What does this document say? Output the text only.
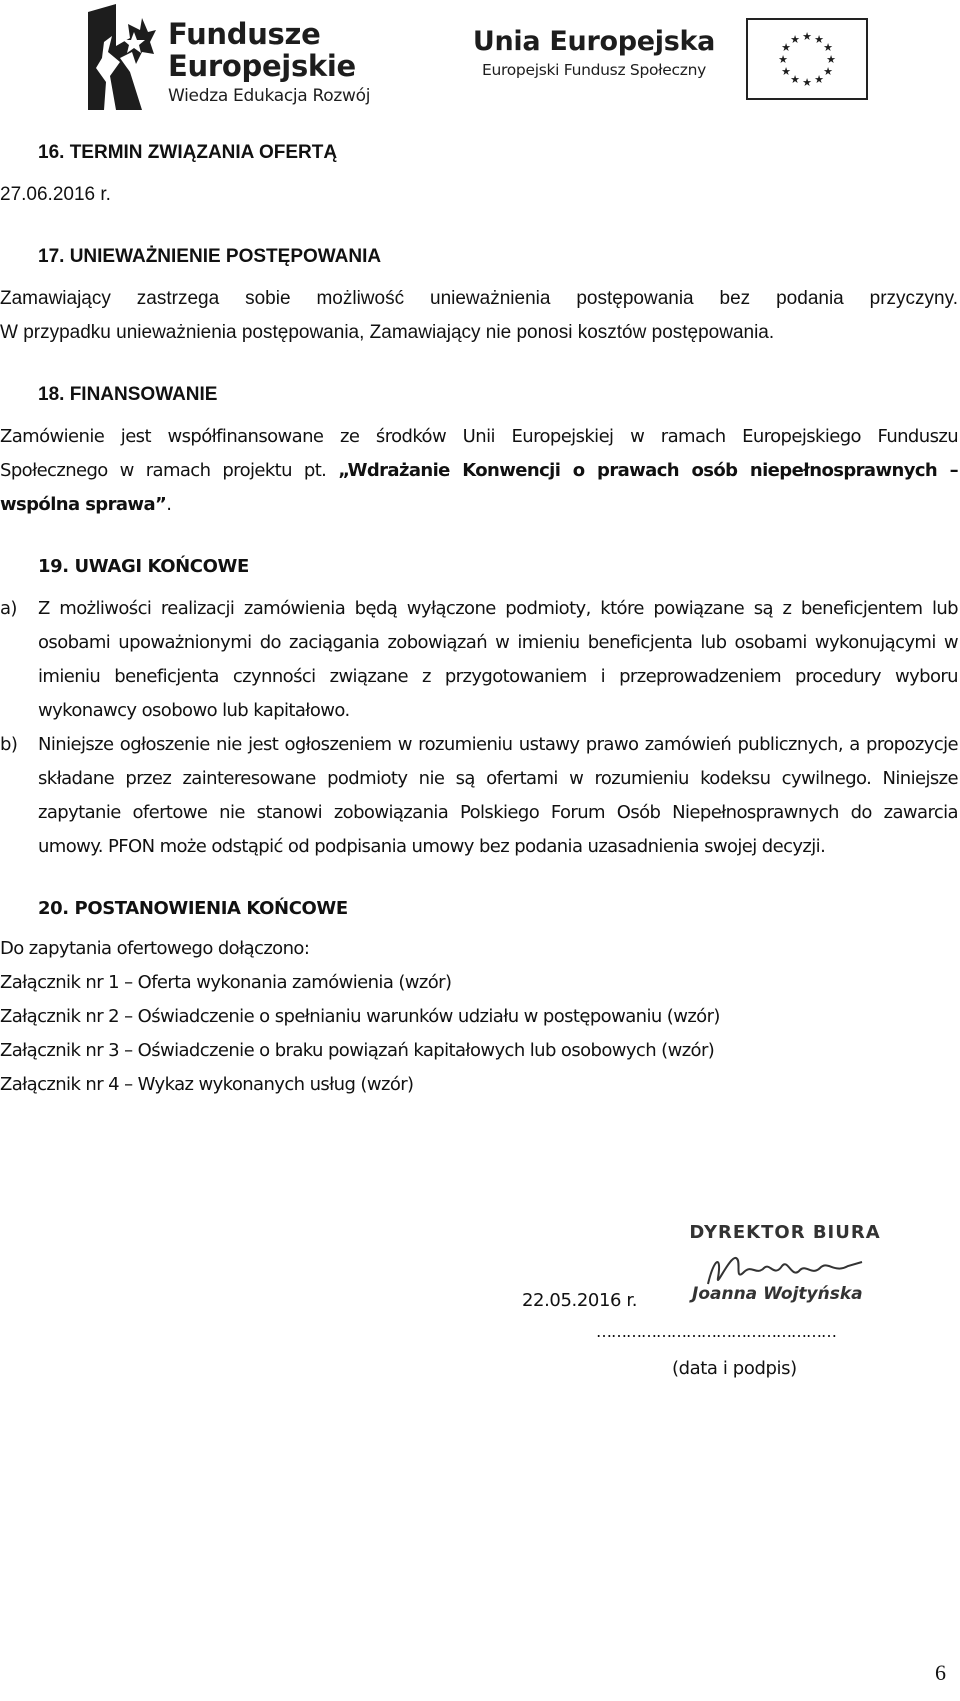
Fundusze
Europejskie
Wiedza Edukacja Rozwój
Unia Europejska
Europejski Fundusz Społeczny
★ ★
★
★
★
★
★
★
★
★
★
★
16. TERMIN ZWIĄZANIA OFERTĄ
27.06.2016 r.
17. UNIEWAŻNIENIE POSTĘPOWANIA
Zamawiający zastrzega sobie możliwość unieważnienia postępowania bez podania przyczyny.
W przypadku unieważnienia postępowania, Zamawiający nie ponosi kosztów postępowania.
18. FINANSOWANIE
Zamówienie jest współfinansowane ze środków Unii Europejskiej w ramach Europejskiego Funduszu
Społecznego w ramach projektu pt. „Wdrażanie Konwencji o prawach osób niepełnosprawnych –
wspólna sprawa”.
19. UWAGI KOŃCOWE
a) Z możliwości realizacji zamówienia będą wyłączone podmioty, które powiązane są z beneficjentem lub osobami upoważnionymi do zaciągania zobowiązań w imieniu beneficjenta lub osobami wykonującymi w imieniu beneficjenta czynności związane z przygotowaniem i przeprowadzeniem procedury wyboru wykonawcy osobowo lub kapitałowo.
b) Niniejsze ogłoszenie nie jest ogłoszeniem w rozumieniu ustawy prawo zamówień publicznych, a propozycje składane przez zainteresowane podmioty nie są ofertami w rozumieniu kodeksu cywilnego. Niniejsze zapytanie ofertowe nie stanowi zobowiązania Polskiego Forum Osób Niepełnosprawnych do zawarcia umowy. PFON może odstąpić od podpisania umowy bez podania uzasadnienia swojej decyzji.
20. POSTANOWIENIA KOŃCOWE
Do zapytania ofertowego dołączono:
Załącznik nr 1 – Oferta wykonania zamówienia (wzór)
Załącznik nr 2 – Oświadczenie o spełnianiu warunków udziału w postępowaniu (wzór)
Załącznik nr 3 – Oświadczenie o braku powiązań kapitałowych lub osobowych (wzór)
Załącznik nr 4 – Wykaz wykonanych usług (wzór)
DYREKTOR BIURA
Joanna Wojtyńska
22.05.2016 r.
…………………………………………
(data i podpis)
6
